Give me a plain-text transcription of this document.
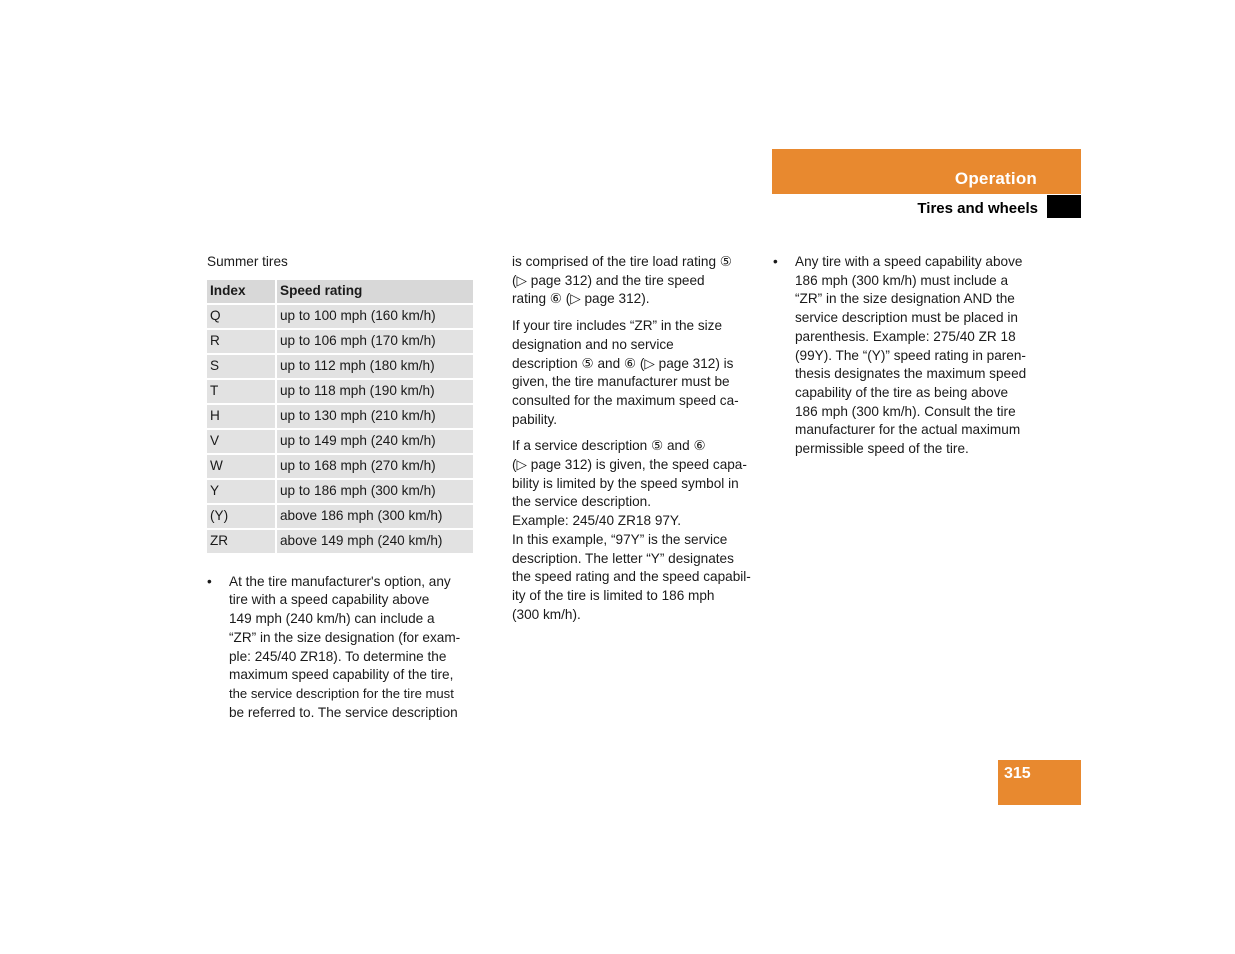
Operation
Tires and wheels

Summer tires

Index	Speed rating
Q	up to 100 mph (160 km/h)
R	up to 106 mph (170 km/h)
S	up to 112 mph (180 km/h)
T	up to 118 mph (190 km/h)
H	up to 130 mph (210 km/h)
V	up to 149 mph (240 km/h)
W	up to 168 mph (270 km/h)
Y	up to 186 mph (300 km/h)
(Y)	above 186 mph (300 km/h)
ZR	above 149 mph (240 km/h)
• At the tire manufacturer's option, any
tire with a speed capability above
149 mph (240 km/h) can include a
“ZR” in the size designation (for exam-
ple: 245/40 ZR18). To determine the
maximum speed capability of the tire,
the service description for the tire must
be referred to. The service description

is comprised of the tire load rating ⑤
(▷ page 312) and the tire speed
rating ⑥ (▷ page 312).

If your tire includes “ZR” in the size
designation and no service
description ⑤ and ⑥ (▷ page 312) is
given, the tire manufacturer must be
consulted for the maximum speed ca-
pability.

If a service description ⑤ and ⑥
(▷ page 312) is given, the speed capa-
bility is limited by the speed symbol in
the service description.
Example: 245/40 ZR18 97Y.
In this example, “97Y” is the service
description. The letter “Y” designates
the speed rating and the speed capabil-
ity of the tire is limited to 186 mph
(300 km/h).

• Any tire with a speed capability above
186 mph (300 km/h) must include a
“ZR” in the size designation AND the
service description must be placed in
parenthesis. Example: 275/40 ZR 18
(99Y). The “(Y)” speed rating in paren-
thesis designates the maximum speed
capability of the tire as being above
186 mph (300 km/h). Consult the tire
manufacturer for the actual maximum
permissible speed of the tire.
315
